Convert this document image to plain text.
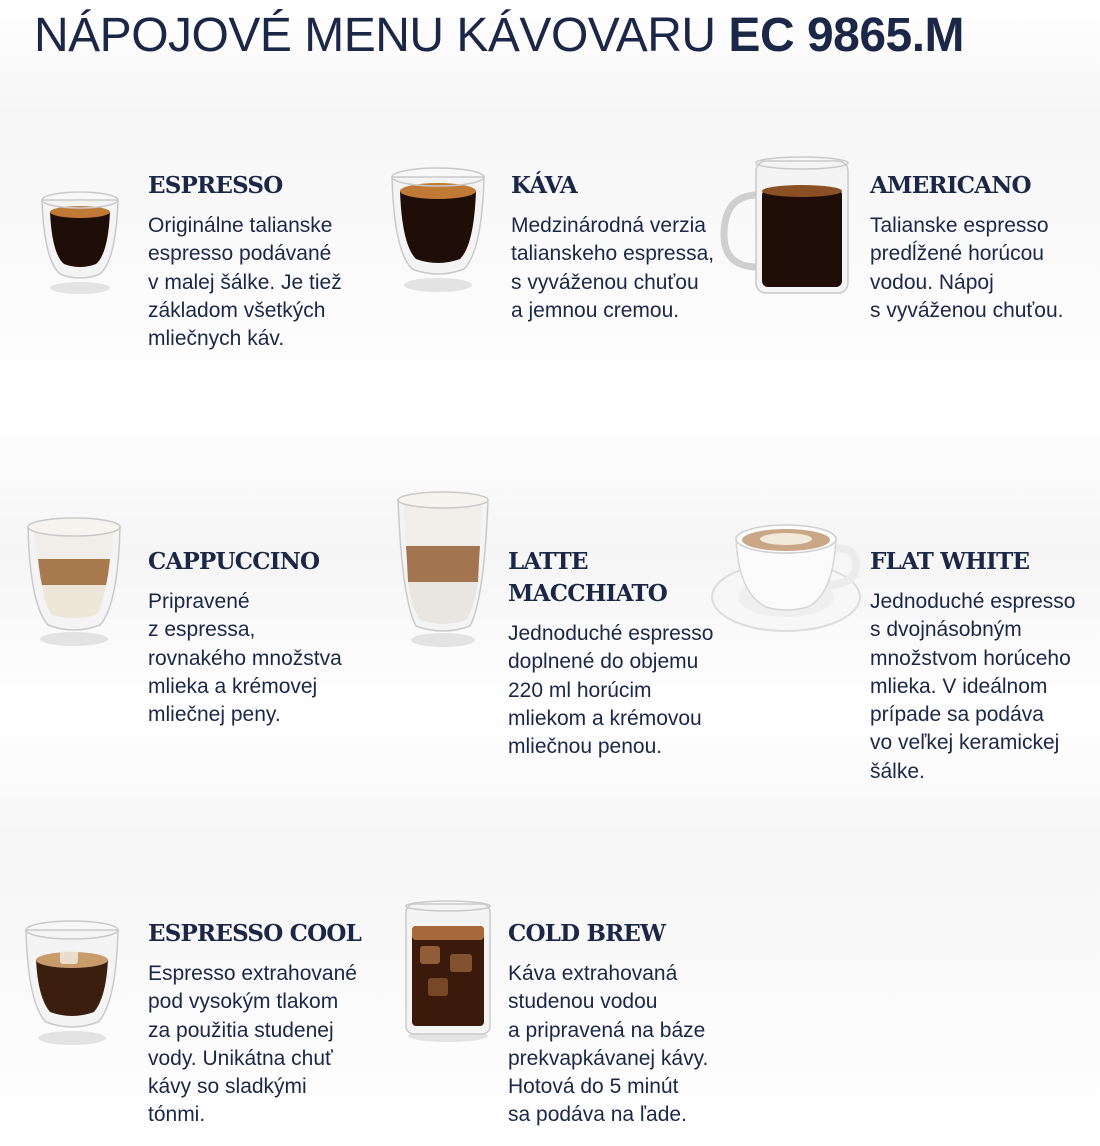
NÁPOJOVÉ MENU KÁVOVARU EC 9865.M
ESPRESSO

Originálne talianske
espresso podávané
v malej šálke. Je tiež
základom všetkých
mliečnych káv.

KÁVA

Medzinárodná verzia
talianskeho espressa,
s vyváženou chuťou
a jemnou cremou.

AMERICANO

Talianske espresso
predĺžené horúcou
vodou. Nápoj
s vyváženou chuťou.

CAPPUCCINO

Pripravené
z espressa,
rovnakého množstva
mlieka a krémovej
mliečnej peny.

LATTE
MACCHIATO

Jednoduché espresso
doplnené do objemu
220 ml horúcim
mliekom a krémovou
mliečnou penou.

FLAT WHITE

Jednoduché espresso
s dvojnásobným
množstvom horúceho
mlieka. V ideálnom
prípade sa podáva
vo veľkej keramickej
šálke.

ESPRESSO COOL

Espresso extrahované
pod vysokým tlakom
za použitia studenej
vody. Unikátna chuť
kávy so sladkými
tónmi.

COLD BREW

Káva extrahovaná
studenou vodou
a pripravená na báze
prekvapkávanej kávy.
Hotová do 5 minút
sa podáva na ľade.
